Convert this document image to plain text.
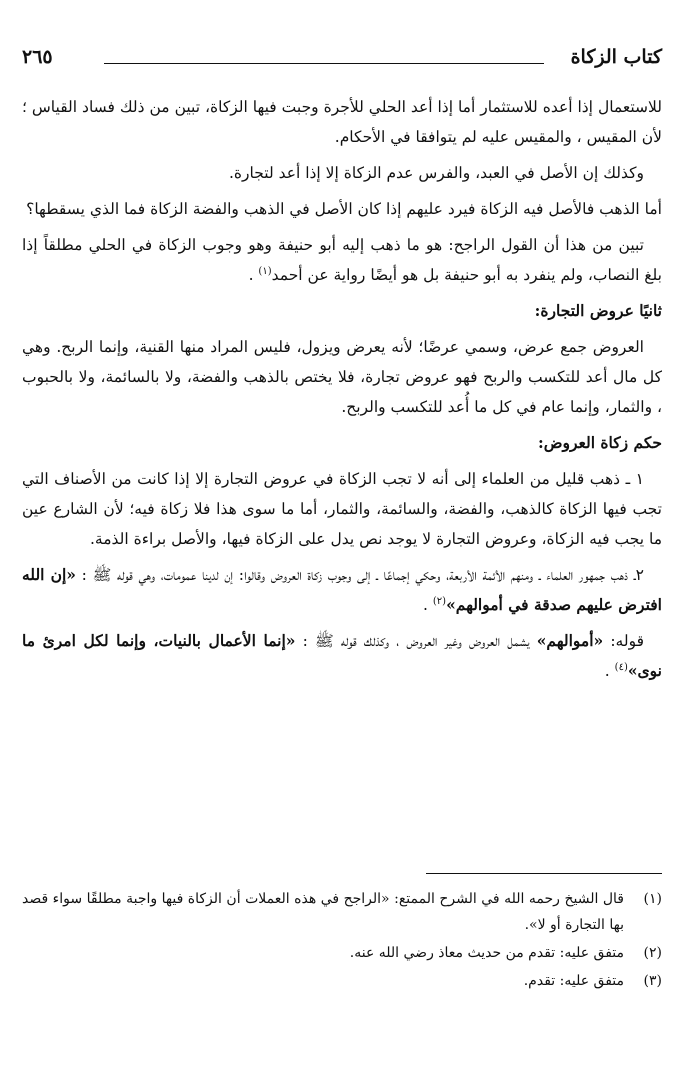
كتاب الزكاة
٢٦٥

للاستعمال إذا أعده للاستثمار أما إذا أعد الحلي للأجرة وجبت فيها الزكاة، تبين من ذلك فساد القياس ؛ لأن المقيس ، والمقيس عليه لم يتوافقا في الأحكام.

وكذلك إن الأصل في العبد، والفرس عدم الزكاة إلا إذا أعد لتجارة.

أما الذهب فالأصل فيه الزكاة فيرد عليهم إذا كان الأصل في الذهب والفضة الزكاة فما الذي يسقطها؟

تبين من هذا أن القول الراجح: هو ما ذهب إليه أبو حنيفة وهو وجوب الزكاة في الحلي مطلقاً إذا بلغ النصاب، ولم ينفرد به أبو حنيفة بل هو أيضًا رواية عن أحمد$^{(١)}$ .

ثانيًا عروض التجارة:

العروض جمع عرض، وسمي عرضًا؛ لأنه يعرض ويزول، فليس المراد منها القنية، وإنما الربح. وهي كل مال أعد للتكسب والربح فهو عروض تجارة، فلا يختص بالذهب والفضة، ولا بالسائمة، ولا بالحبوب ، والثمار، وإنما عام في كل ما أُعد للتكسب والربح.

حكم زكاة العروض:

١ ـ ذهب قليل من العلماء إلى أنه لا تجب الزكاة في عروض التجارة إلا إذا كانت من الأصناف التي تجب فيها الزكاة كالذهب، والفضة، والسائمة، والثمار، أما ما سوى هذا فلا زكاة فيه؛ لأن الشارع عين ما يجب فيه الزكاة، وعروض التجارة لا يوجد نص يدل على الزكاة فيها، والأصل براءة الذمة.

٢ـ ذهب جمهور العلماء ـ ومنهم الأئمة الأربعة، وحكي إجماعًا ـ إلى وجوب زكاة العروض وقالوا: إن لدينا عمومات، وهي قوله ﷺ : «إن الله افترض عليهم صدقة في أموالهم»$^{(٢)}$ .

قوله: «أموالهم» يشمل العروض وغير العروض ، وكذلك قوله ﷺ : «إنما الأعمال بالنيات، وإنما لكل امرئ ما نوى»$^{(٤)}$ .

(١)
قال الشيخ رحمه الله في الشرح الممتع: «الراجح في هذه العملات أن الزكاة فيها واجبة مطلقًا سواء قصد بها التجارة أو لا».
(٢)
متفق عليه: تقدم من حديث معاذ رضي الله عنه.
(٣)
متفق عليه: تقدم.
